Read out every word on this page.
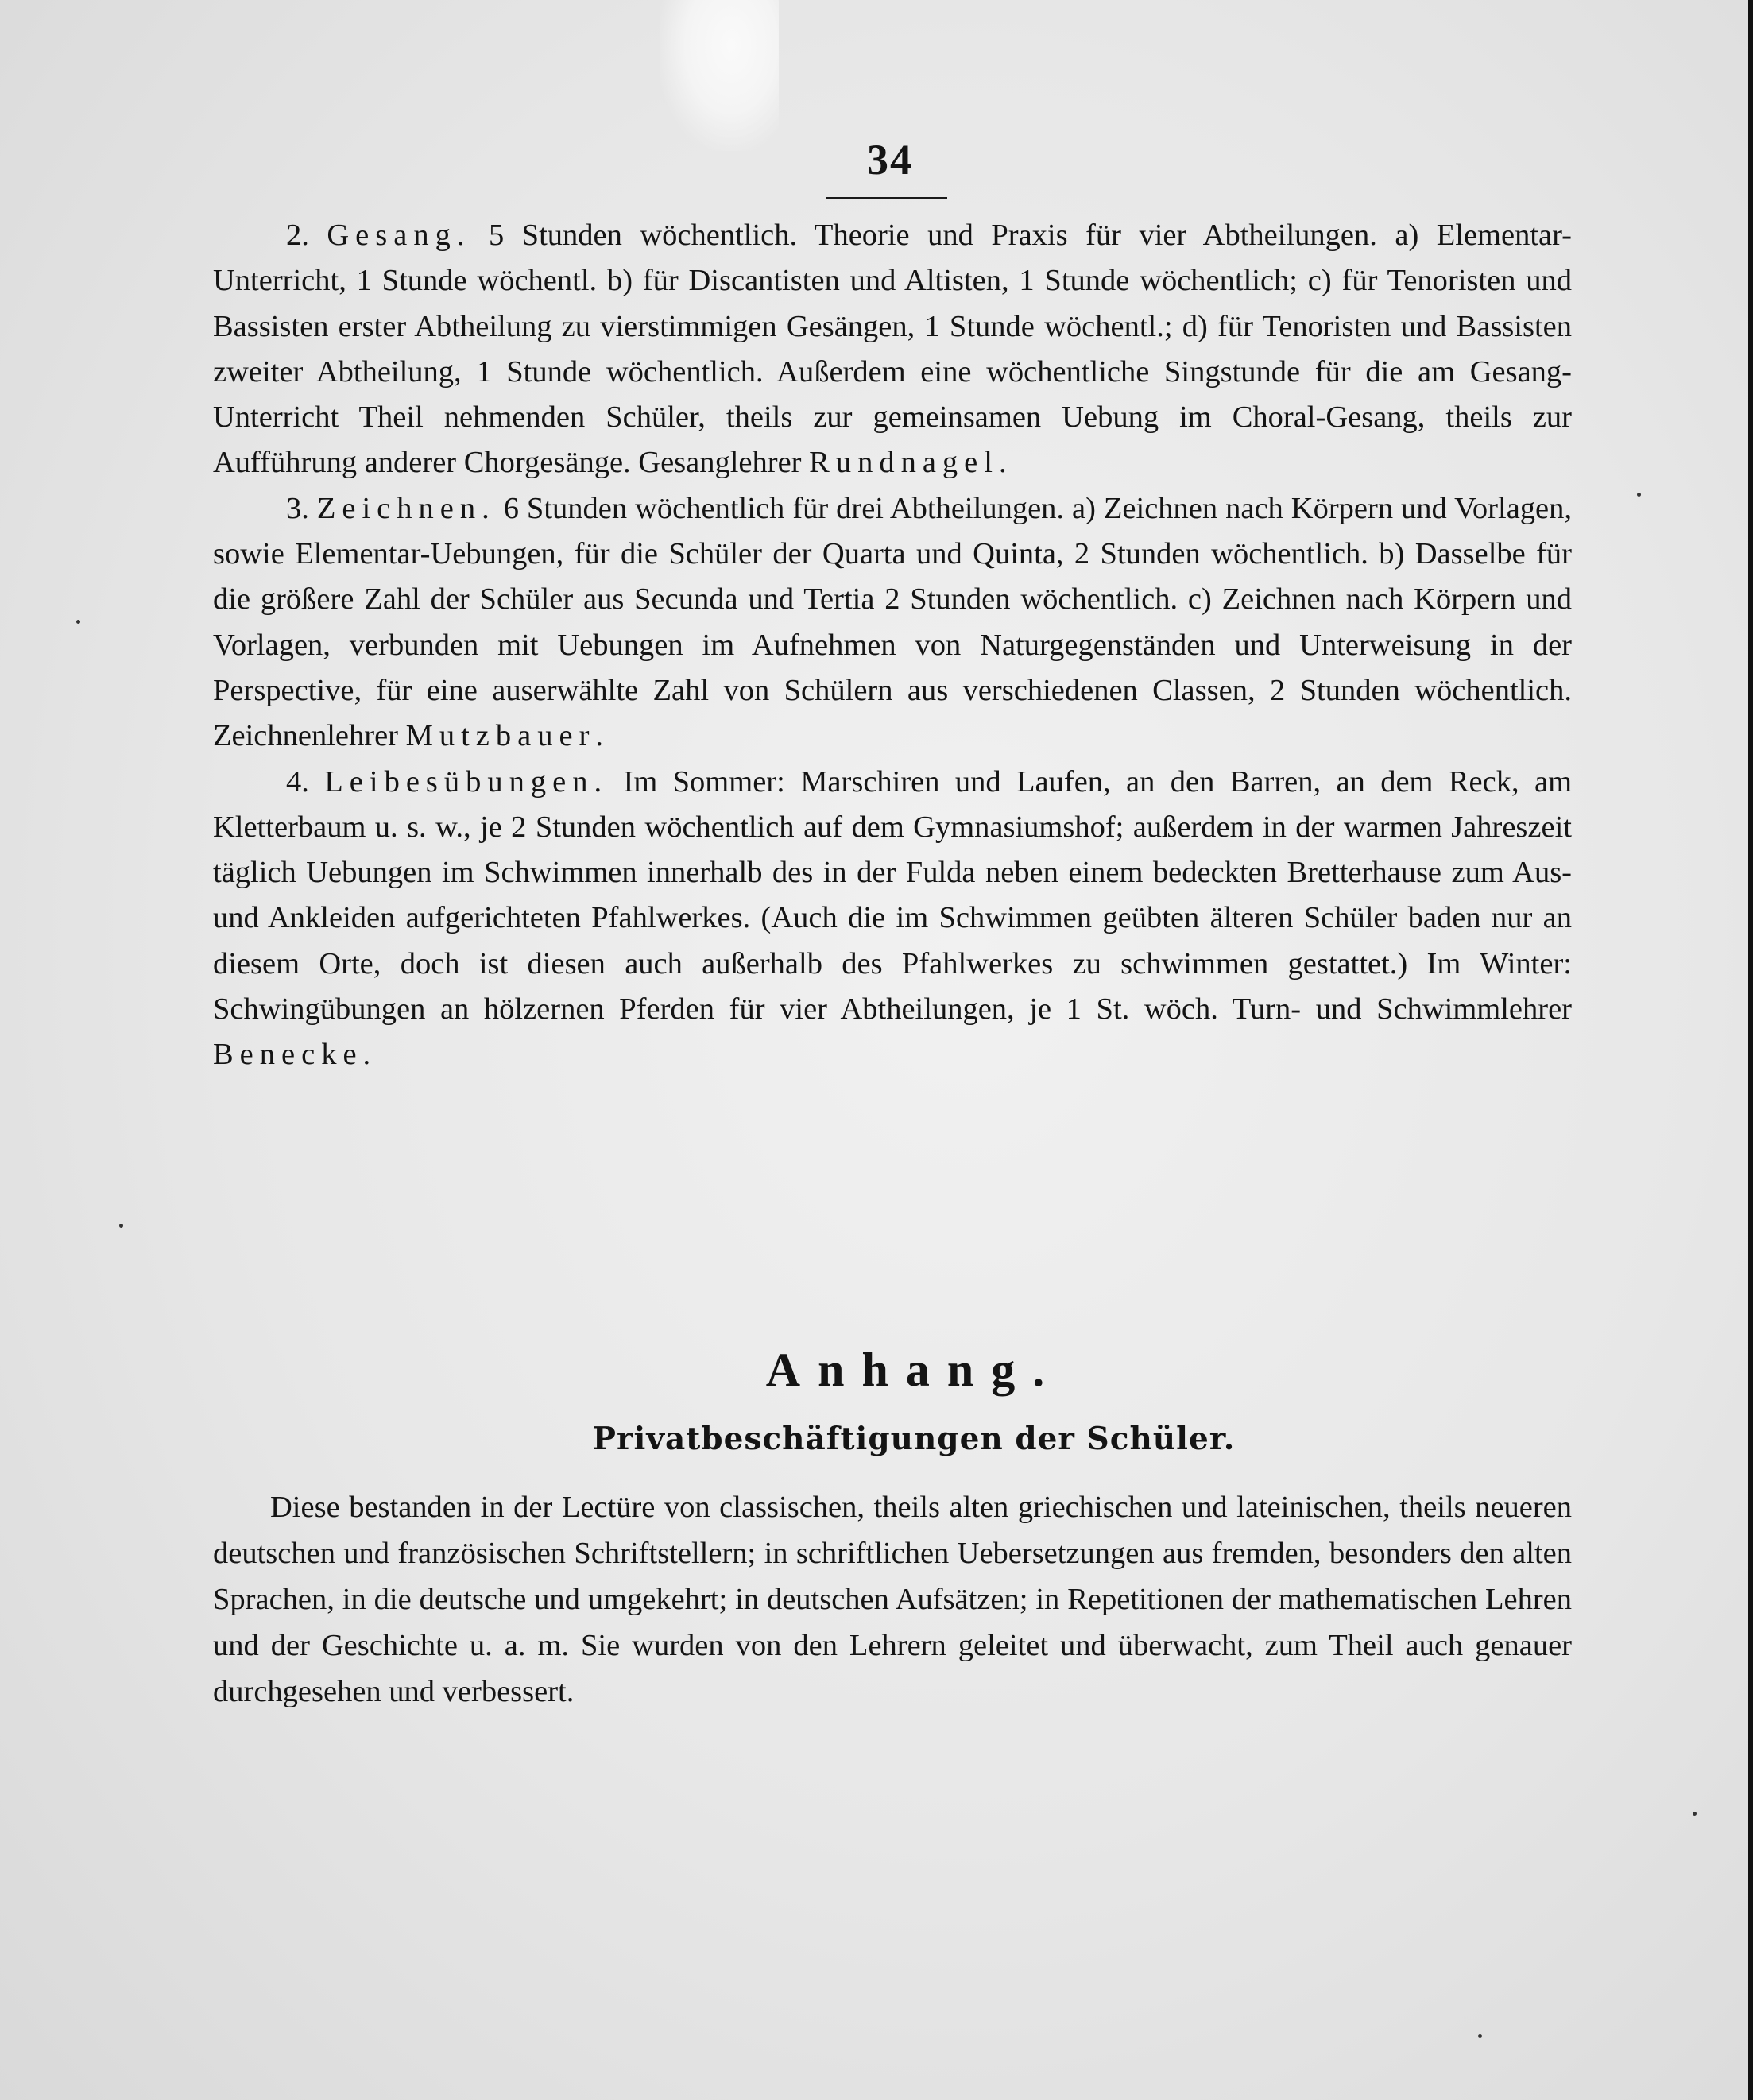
34

2. Gesang. 5 Stunden wöchentlich. Theorie und Praxis für vier Abtheilungen. a) Elementar-Unterricht, 1 Stunde wöchentl. b) für Discantisten und Altisten, 1 Stunde wöchentlich; c) für Tenoristen und Bassisten erster Abtheilung zu vierstimmigen Gesängen, 1 Stunde wöchentl.; d) für Tenoristen und Bassisten zweiter Abtheilung, 1 Stunde wöchentlich. Außerdem eine wöchentliche Singstunde für die am Gesang-Unterricht Theil nehmenden Schüler, theils zur gemeinsamen Uebung im Choral-Gesang, theils zur Aufführung anderer Chorgesänge. Gesanglehrer Rundnagel.

3. Zeichnen. 6 Stunden wöchentlich für drei Abtheilungen. a) Zeichnen nach Körpern und Vorlagen, sowie Elementar-Uebungen, für die Schüler der Quarta und Quinta, 2 Stunden wöchentlich. b) Dasselbe für die größere Zahl der Schüler aus Secunda und Tertia 2 Stunden wöchentlich. c) Zeichnen nach Körpern und Vorlagen, verbunden mit Uebungen im Aufnehmen von Naturgegenständen und Unterweisung in der Perspective, für eine auserwählte Zahl von Schülern aus verschiedenen Classen, 2 Stunden wöchentlich. Zeichnenlehrer Mutzbauer.

4. Leibesübungen. Im Sommer: Marschiren und Laufen, an den Barren, an dem Reck, am Kletterbaum u. s. w., je 2 Stunden wöchentlich auf dem Gymnasiumshof; außerdem in der warmen Jahreszeit täglich Uebungen im Schwimmen innerhalb des in der Fulda neben einem bedeckten Bretterhause zum Aus- und Ankleiden aufgerichteten Pfahlwerkes. (Auch die im Schwimmen geübten älteren Schüler baden nur an diesem Orte, doch ist diesen auch außerhalb des Pfahlwerkes zu schwimmen gestattet.) Im Winter: Schwingübungen an hölzernen Pferden für vier Abtheilungen, je 1 St. wöch. Turn- und Schwimmlehrer Benecke.

Anhang.
Privatbeschäftigungen der Schüler.

Diese bestanden in der Lectüre von classischen, theils alten griechischen und lateinischen, theils neueren deutschen und französischen Schriftstellern; in schriftlichen Uebersetzungen aus fremden, besonders den alten Sprachen, in die deutsche und umgekehrt; in deutschen Aufsätzen; in Repetitionen der mathematischen Lehren und der Geschichte u. a. m. Sie wurden von den Lehrern geleitet und überwacht, zum Theil auch genauer durchgesehen und verbessert.
